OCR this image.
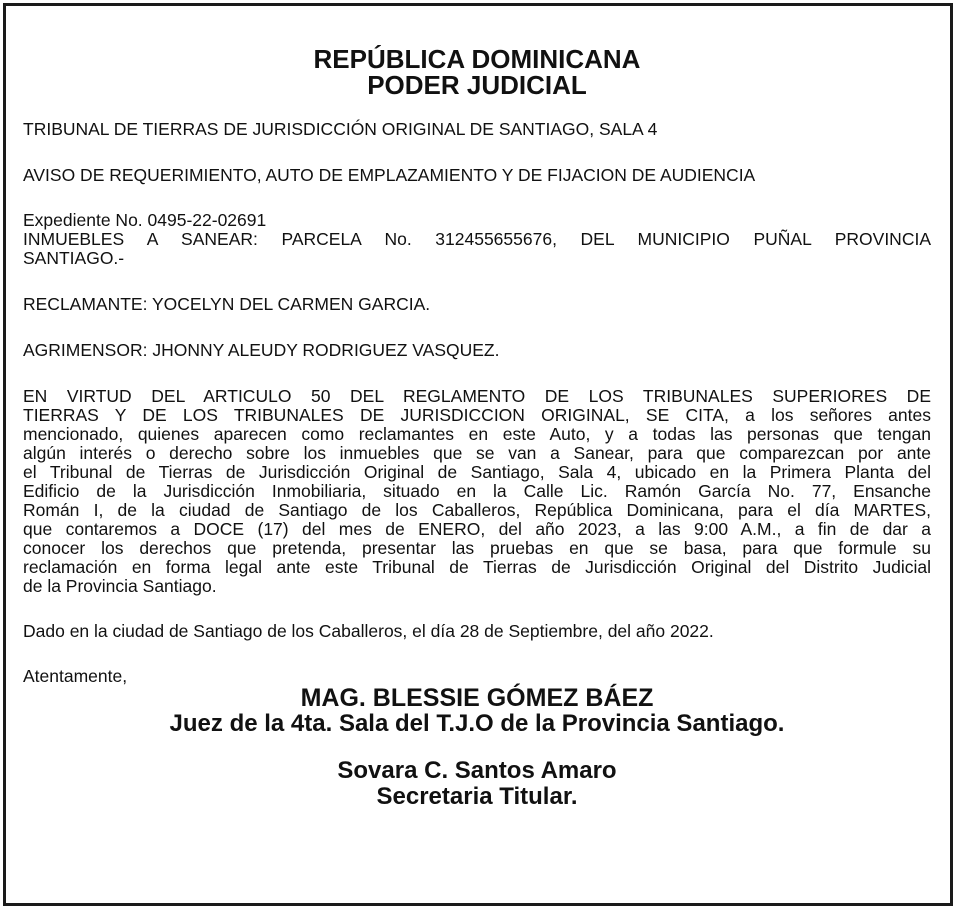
REPÚBLICA DOMINICANA
PODER JUDICIAL
TRIBUNAL DE TIERRAS DE JURISDICCIÓN ORIGINAL DE SANTIAGO, SALA 4
AVISO DE REQUERIMIENTO, AUTO DE EMPLAZAMIENTO Y DE FIJACION DE AUDIENCIA
Expediente No. 0495-22-02691
INMUEBLES A SANEAR: PARCELA No. 312455655676, DEL MUNICIPIO PUÑAL PROVINCIA
SANTIAGO.-
RECLAMANTE: YOCELYN DEL CARMEN GARCIA.
AGRIMENSOR: JHONNY ALEUDY RODRIGUEZ VASQUEZ.
EN VIRTUD DEL ARTICULO 50 DEL REGLAMENTO DE LOS TRIBUNALES SUPERIORES DE
TIERRAS Y DE LOS TRIBUNALES DE JURISDICCION ORIGINAL, SE CITA, a los señores antes
mencionado, quienes aparecen como reclamantes en este Auto, y a todas las personas que tengan
algún interés o derecho sobre los inmuebles que se van a Sanear, para que comparezcan por ante
el Tribunal de Tierras de Jurisdicción Original de Santiago, Sala 4, ubicado en la Primera Planta del
Edificio de la Jurisdicción Inmobiliaria, situado en la Calle Lic. Ramón García No. 77, Ensanche
Román I, de la ciudad de Santiago de los Caballeros, República Dominicana, para el día MARTES,
que contaremos a DOCE (17) del mes de ENERO, del año 2023, a las 9:00 A.M., a fin de dar a
conocer los derechos que pretenda, presentar las pruebas en que se basa, para que formule su
reclamación en forma legal ante este Tribunal de Tierras de Jurisdicción Original del Distrito Judicial
de la Provincia Santiago.
Dado en la ciudad de Santiago de los Caballeros, el día 28 de Septiembre, del año 2022.
Atentamente,
MAG. BLESSIE GÓMEZ BÁEZ
Juez de la 4ta. Sala del T.J.O de la Provincia Santiago.
Sovara C. Santos Amaro
Secretaria Titular.
